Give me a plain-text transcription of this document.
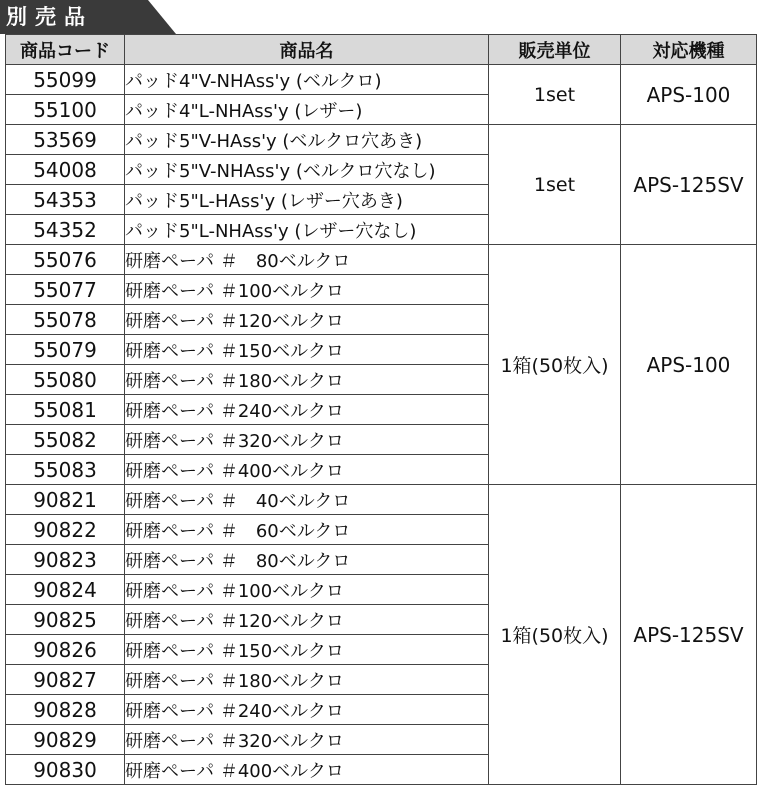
別売品
商品コード	商品名	販売単位	対応機種
55099	パッド4"V-NHAss'y (ベルクロ)	1set	APS-100
55100	パッド4"L-NHAss'y (レザー)		
53569	パッド5"V-HAss'y (ベルクロ穴あき)	1set	APS-125SV
54008	パッド5"V-NHAss'y (ベルクロ穴なし)		
54353	パッド5"L-HAss'y (レザー穴あき)		
54352	パッド5"L-NHAss'y (レザー穴なし)		
55076	研磨ペーパ ＃　80ベルクロ	1箱(50枚入)	APS-100
55077	研磨ペーパ ＃100ベルクロ		
55078	研磨ペーパ ＃120ベルクロ		
55079	研磨ペーパ ＃150ベルクロ		
55080	研磨ペーパ ＃180ベルクロ		
55081	研磨ペーパ ＃240ベルクロ		
55082	研磨ペーパ ＃320ベルクロ		
55083	研磨ペーパ ＃400ベルクロ		
90821	研磨ペーパ ＃　40ベルクロ	1箱(50枚入)	APS-125SV
90822	研磨ペーパ ＃　60ベルクロ		
90823	研磨ペーパ ＃　80ベルクロ		
90824	研磨ペーパ ＃100ベルクロ		
90825	研磨ペーパ ＃120ベルクロ		
90826	研磨ペーパ ＃150ベルクロ		
90827	研磨ペーパ ＃180ベルクロ		
90828	研磨ペーパ ＃240ベルクロ		
90829	研磨ペーパ ＃320ベルクロ		
90830	研磨ペーパ ＃400ベルクロ		
